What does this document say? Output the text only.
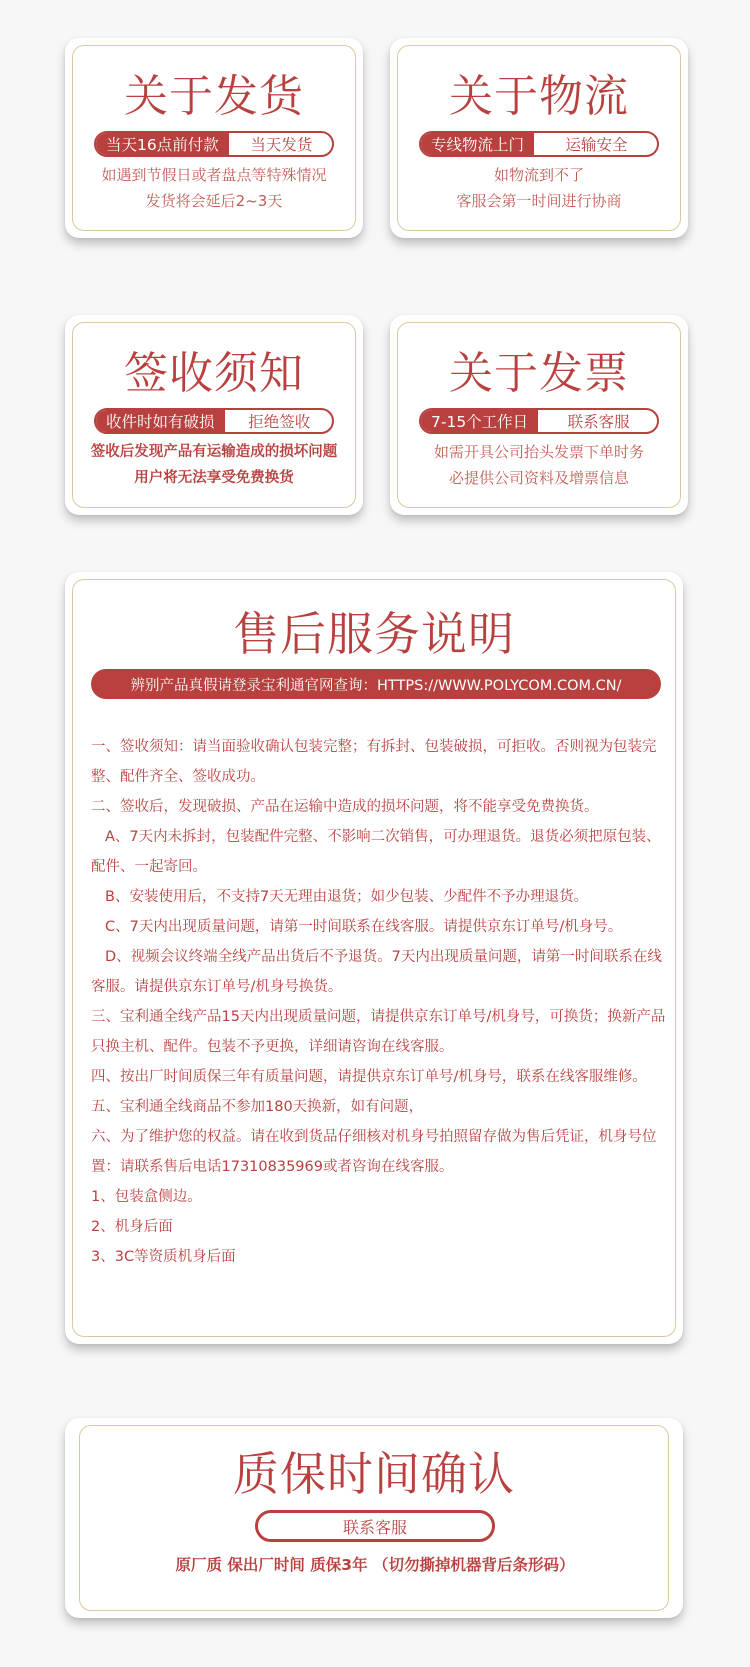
关于发货
当天16点前付款	当天发货
如遇到节假日或者盘点等特殊情况
发货将会延后2~3天
关于物流
专线物流上门	运输安全
如物流到不了
客服会第一时间进行协商
签收须知
收件时如有破损	拒绝签收
签收后发现产品有运输造成的损坏问题
用户将无法享受免费换货
关于发票
7-15个工作日	联系客服
如需开具公司抬头发票下单时务
必提供公司资料及增票信息
售后服务说明
辨别产品真假请登录宝利通官网查询：HTTPS://WWW.POLYCOM.COM.CN/

一、签收须知：请当面验收确认包装完整；有拆封、包装破损，可拒收。否则视为包装完整、配件齐全、签收成功。

二、签收后，发现破损、产品在运输中造成的损坏问题，将不能享受免费换货。

A、7天内未拆封，包装配件完整、不影响二次销售，可办理退货。退货必须把原包装、配件、一起寄回。

B、安装使用后，不支持7天无理由退货；如少包装、少配件不予办理退货。

C、7天内出现质量问题，请第一时间联系在线客服。请提供京东订单号/机身号。

D、视频会议终端全线产品出货后不予退货。7天内出现质量问题，请第一时间联系在线客服。请提供京东订单号/机身号换货。

三、宝利通全线产品15天内出现质量问题，请提供京东订单号/机身号，可换货；换新产品只换主机、配件。包装不予更换，详细请咨询在线客服。

四、按出厂时间质保三年有质量问题，请提供京东订单号/机身号，联系在线客服维修。

五、宝利通全线商品不参加180天换新，如有问题，

六、为了维护您的权益。请在收到货品仔细核对机身号拍照留存做为售后凭证，机身号位置：请联系售后电话17310835969或者咨询在线客服。

1、包装盒侧边。

2、机身后面

3、3C等资质机身后面

质保时间确认
联系客服
原厂质 保出厂时间 质保3年 （切勿撕掉机器背后条形码）
